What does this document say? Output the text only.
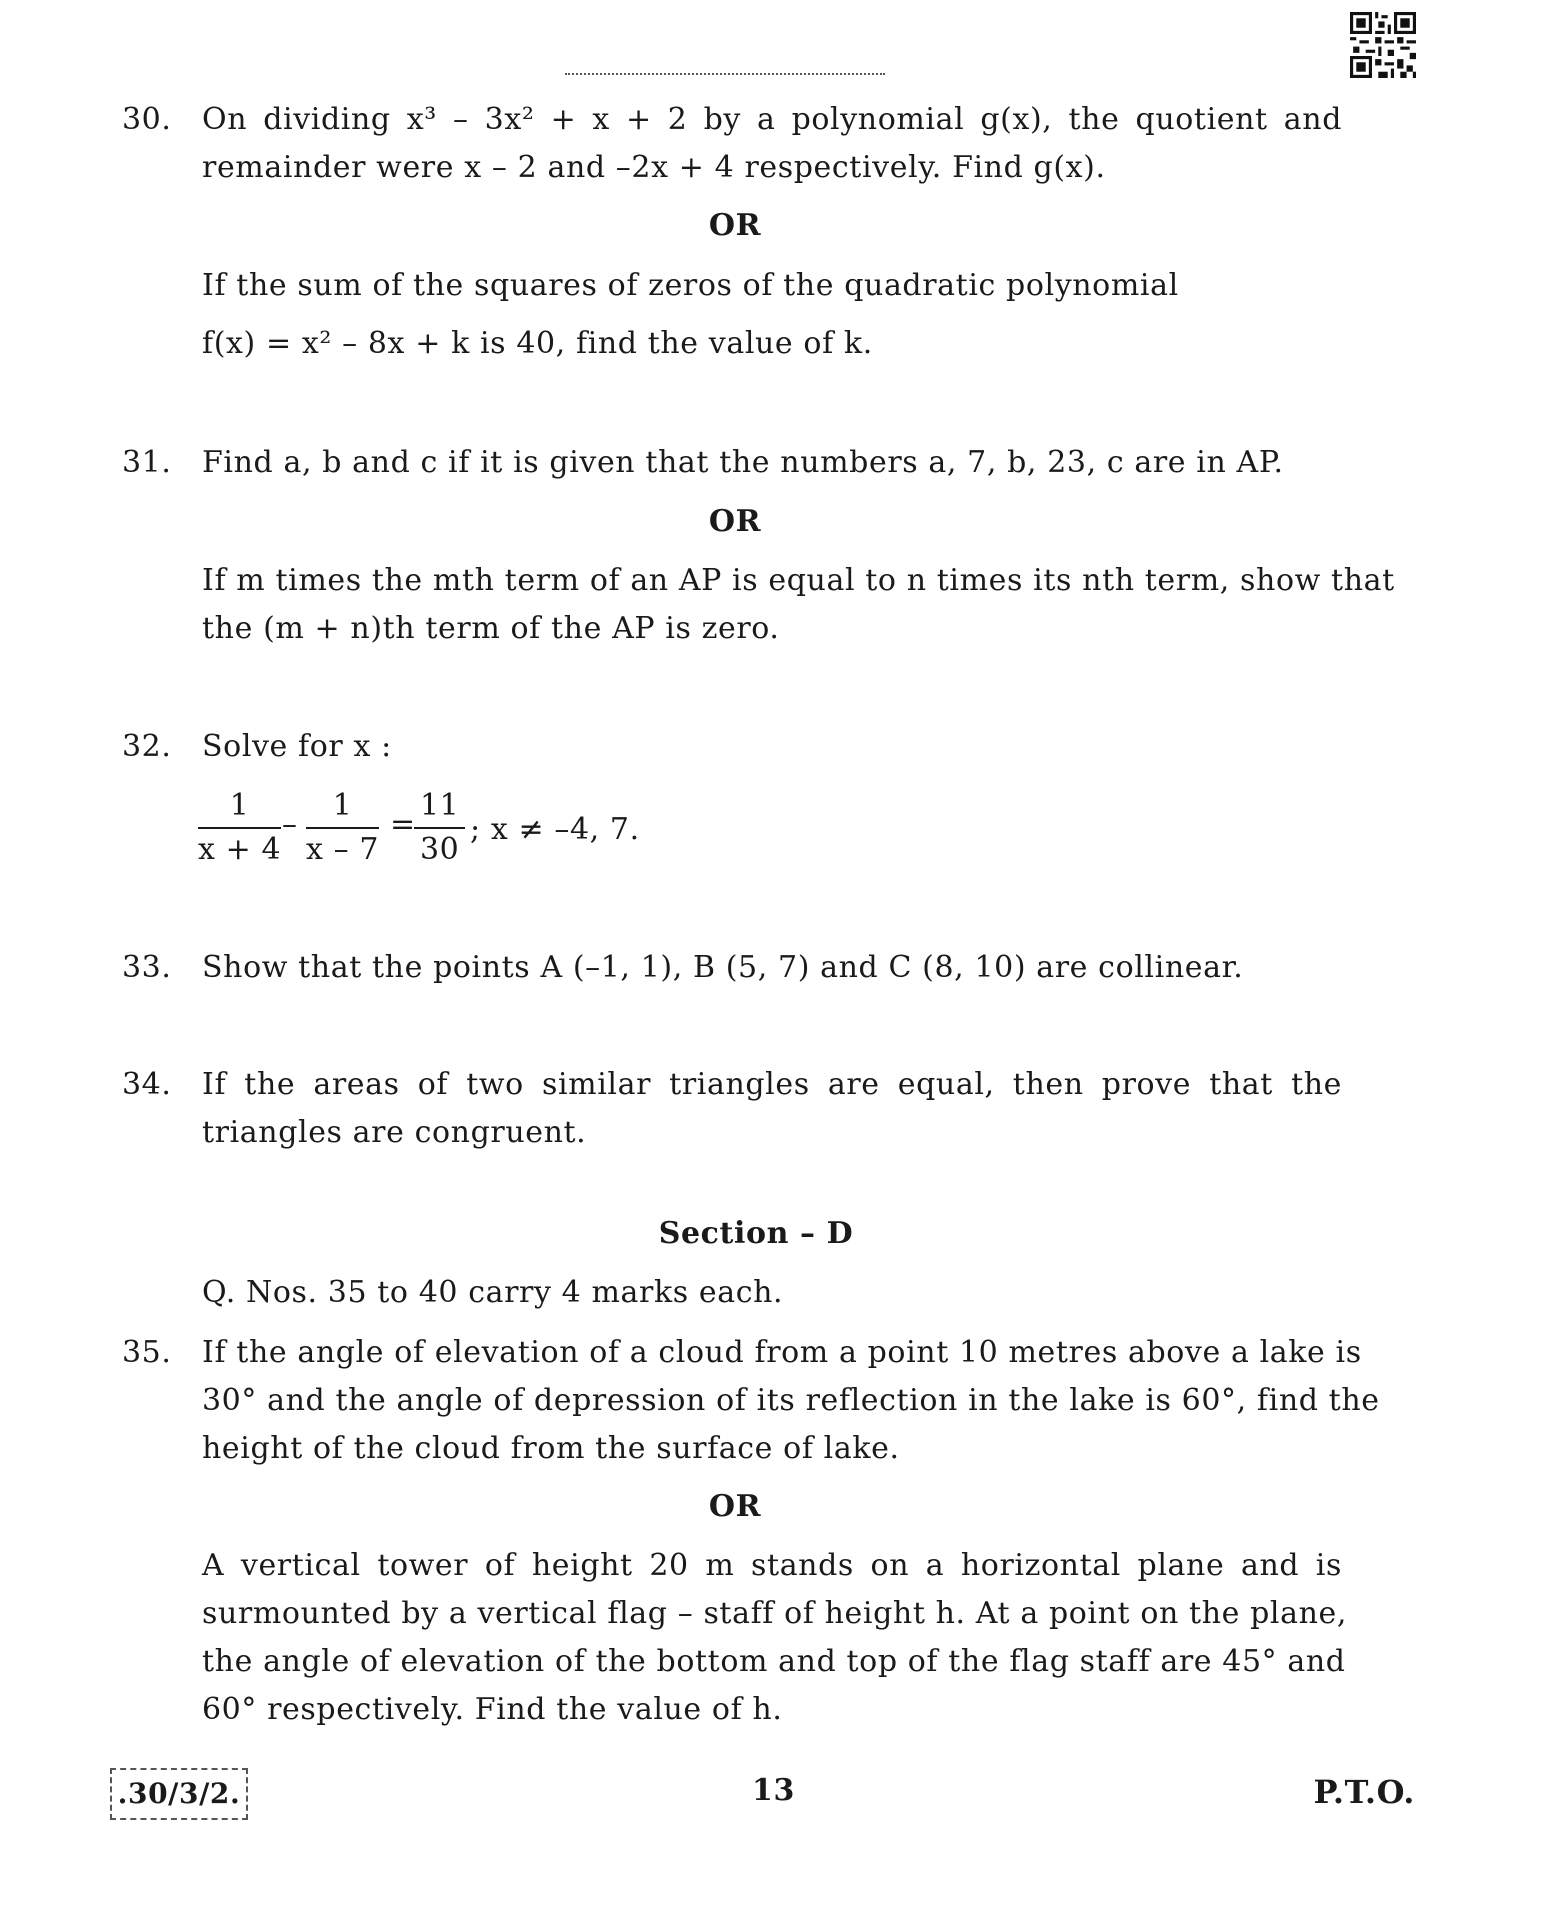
30. On dividing x³ – 3x² + x + 2 by a polynomial g(x), the quotient and
remainder were x – 2 and –2x + 4 respectively. Find g(x).
OR
If the sum of the squares of zeros of the quadratic polynomial
f(x) = x² – 8x + k is 40, find the value of k.
31. Find a, b and c if it is given that the numbers a, 7, b, 23, c are in AP.
OR
If m times the mth term of an AP is equal to n times its nth term, show that
the (m + n)th term of the AP is zero.
32. Solve for x :
$\frac{1}{x + 4} - \frac{1}{x - 7}$ =
$\frac{11}{30}$ ; x ≠ –4, 7.
33. Show that the points A (–1, 1), B (5, 7) and C (8, 10) are collinear.
34. If the areas of two similar triangles are equal, then prove that the
triangles are congruent.
Section – D
Q. Nos. 35 to 40 carry 4 marks each.
35. If the angle of elevation of a cloud from a point 10 metres above a lake is
30° and the angle of depression of its reflection in the lake is 60°, find the
height of the cloud from the surface of lake.
OR
A vertical tower of height 20 m stands on a horizontal plane and is
surmounted by a vertical flag – staff of height h. At a point on the plane,
the angle of elevation of the bottom and top of the flag staff are 45° and
60° respectively. Find the value of h.
.30/3/2.	13	P.T.O.
